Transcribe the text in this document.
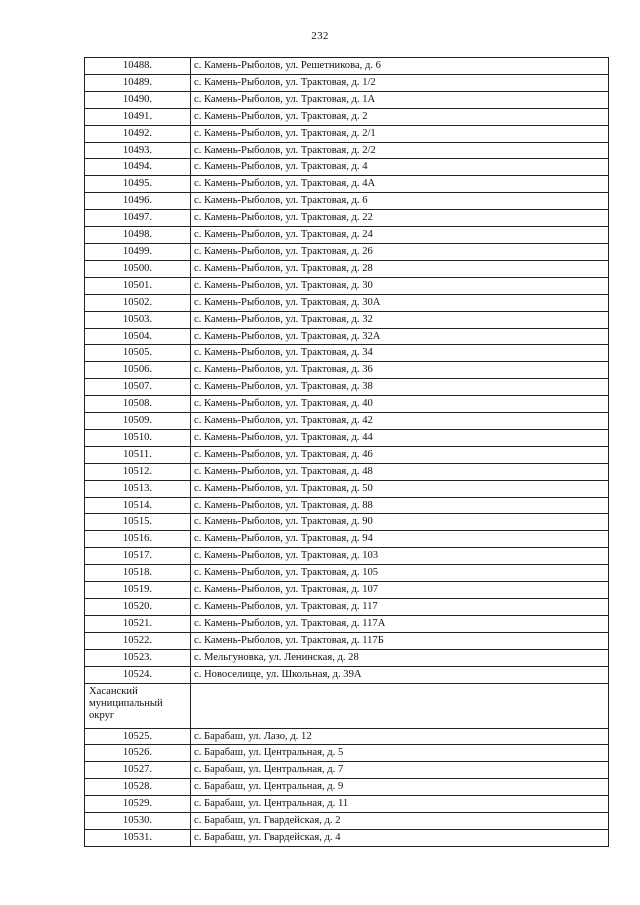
232
10488.	с. Камень-Рыболов, ул. Решетникова, д. 6
10489.	с. Камень-Рыболов, ул. Трактовая, д. 1/2
10490.	с. Камень-Рыболов, ул. Трактовая, д. 1А
10491.	с. Камень-Рыболов, ул. Трактовая, д. 2
10492.	с. Камень-Рыболов, ул. Трактовая, д. 2/1
10493.	с. Камень-Рыболов, ул. Трактовая, д. 2/2
10494.	с. Камень-Рыболов, ул. Трактовая, д. 4
10495.	с. Камень-Рыболов, ул. Трактовая, д. 4А
10496.	с. Камень-Рыболов, ул. Трактовая, д. 6
10497.	с. Камень-Рыболов, ул. Трактовая, д. 22
10498.	с. Камень-Рыболов, ул. Трактовая, д. 24
10499.	с. Камень-Рыболов, ул. Трактовая, д. 26
10500.	с. Камень-Рыболов, ул. Трактовая, д. 28
10501.	с. Камень-Рыболов, ул. Трактовая, д. 30
10502.	с. Камень-Рыболов, ул. Трактовая, д. 30А
10503.	с. Камень-Рыболов, ул. Трактовая, д. 32
10504.	с. Камень-Рыболов, ул. Трактовая, д. 32А
10505.	с. Камень-Рыболов, ул. Трактовая, д. 34
10506.	с. Камень-Рыболов, ул. Трактовая, д. 36
10507.	с. Камень-Рыболов, ул. Трактовая, д. 38
10508.	с. Камень-Рыболов, ул. Трактовая, д. 40
10509.	с. Камень-Рыболов, ул. Трактовая, д. 42
10510.	с. Камень-Рыболов, ул. Трактовая, д. 44
10511.	с. Камень-Рыболов, ул. Трактовая, д. 46
10512.	с. Камень-Рыболов, ул. Трактовая, д. 48
10513.	с. Камень-Рыболов, ул. Трактовая, д. 50
10514.	с. Камень-Рыболов, ул. Трактовая, д. 88
10515.	с. Камень-Рыболов, ул. Трактовая, д. 90
10516.	с. Камень-Рыболов, ул. Трактовая, д. 94
10517.	с. Камень-Рыболов, ул. Трактовая, д. 103
10518.	с. Камень-Рыболов, ул. Трактовая, д. 105
10519.	с. Камень-Рыболов, ул. Трактовая, д. 107
10520.	с. Камень-Рыболов, ул. Трактовая, д. 117
10521.	с. Камень-Рыболов, ул. Трактовая, д. 117А
10522.	с. Камень-Рыболов, ул. Трактовая, д. 117Б
10523.	с. Мельгуновка, ул. Ленинская, д. 28
10524.	с. Новоселище, ул. Школьная, д. 39А
Хасанский муниципальный округ	
10525.	с. Барабаш, ул. Лазо, д. 12
10526.	с. Барабаш, ул. Центральная, д. 5
10527.	с. Барабаш, ул. Центральная, д. 7
10528.	с. Барабаш, ул. Центральная, д. 9
10529.	с. Барабаш, ул. Центральная, д. 11
10530.	с. Барабаш, ул. Гвардейская, д. 2
10531.	с. Барабаш, ул. Гвардейская, д. 4
